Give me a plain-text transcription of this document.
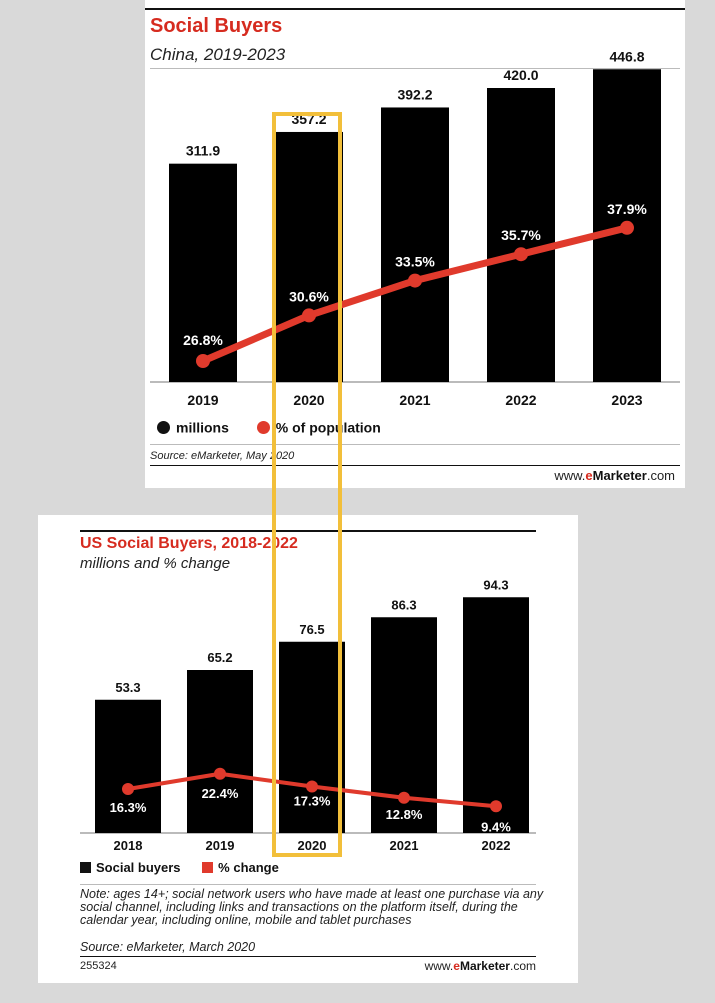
Social Buyers
China, 2019-2023
311.9
2019
357.2
2020
392.2
2021
420.0
2022
446.8
2023
26.8%
30.6%
33.5%
35.7%
37.9%
millions	% of population
Source: eMarketer, May 2020
www.eMarketer.com
US Social Buyers, 2018-2022
millions and % change
53.3
2018
65.2
2019
76.5
2020
86.3
2021
94.3
2022
16.3%
22.4%
17.3%
12.8%
9.4%
Social buyers	% change
Note: ages 14+; social network users who have made at least one purchase via any social channel, including links and transactions on the platform itself, during the calendar year, including online, mobile and tablet purchases
Source: eMarketer, March 2020
255324	www.eMarketer.com
